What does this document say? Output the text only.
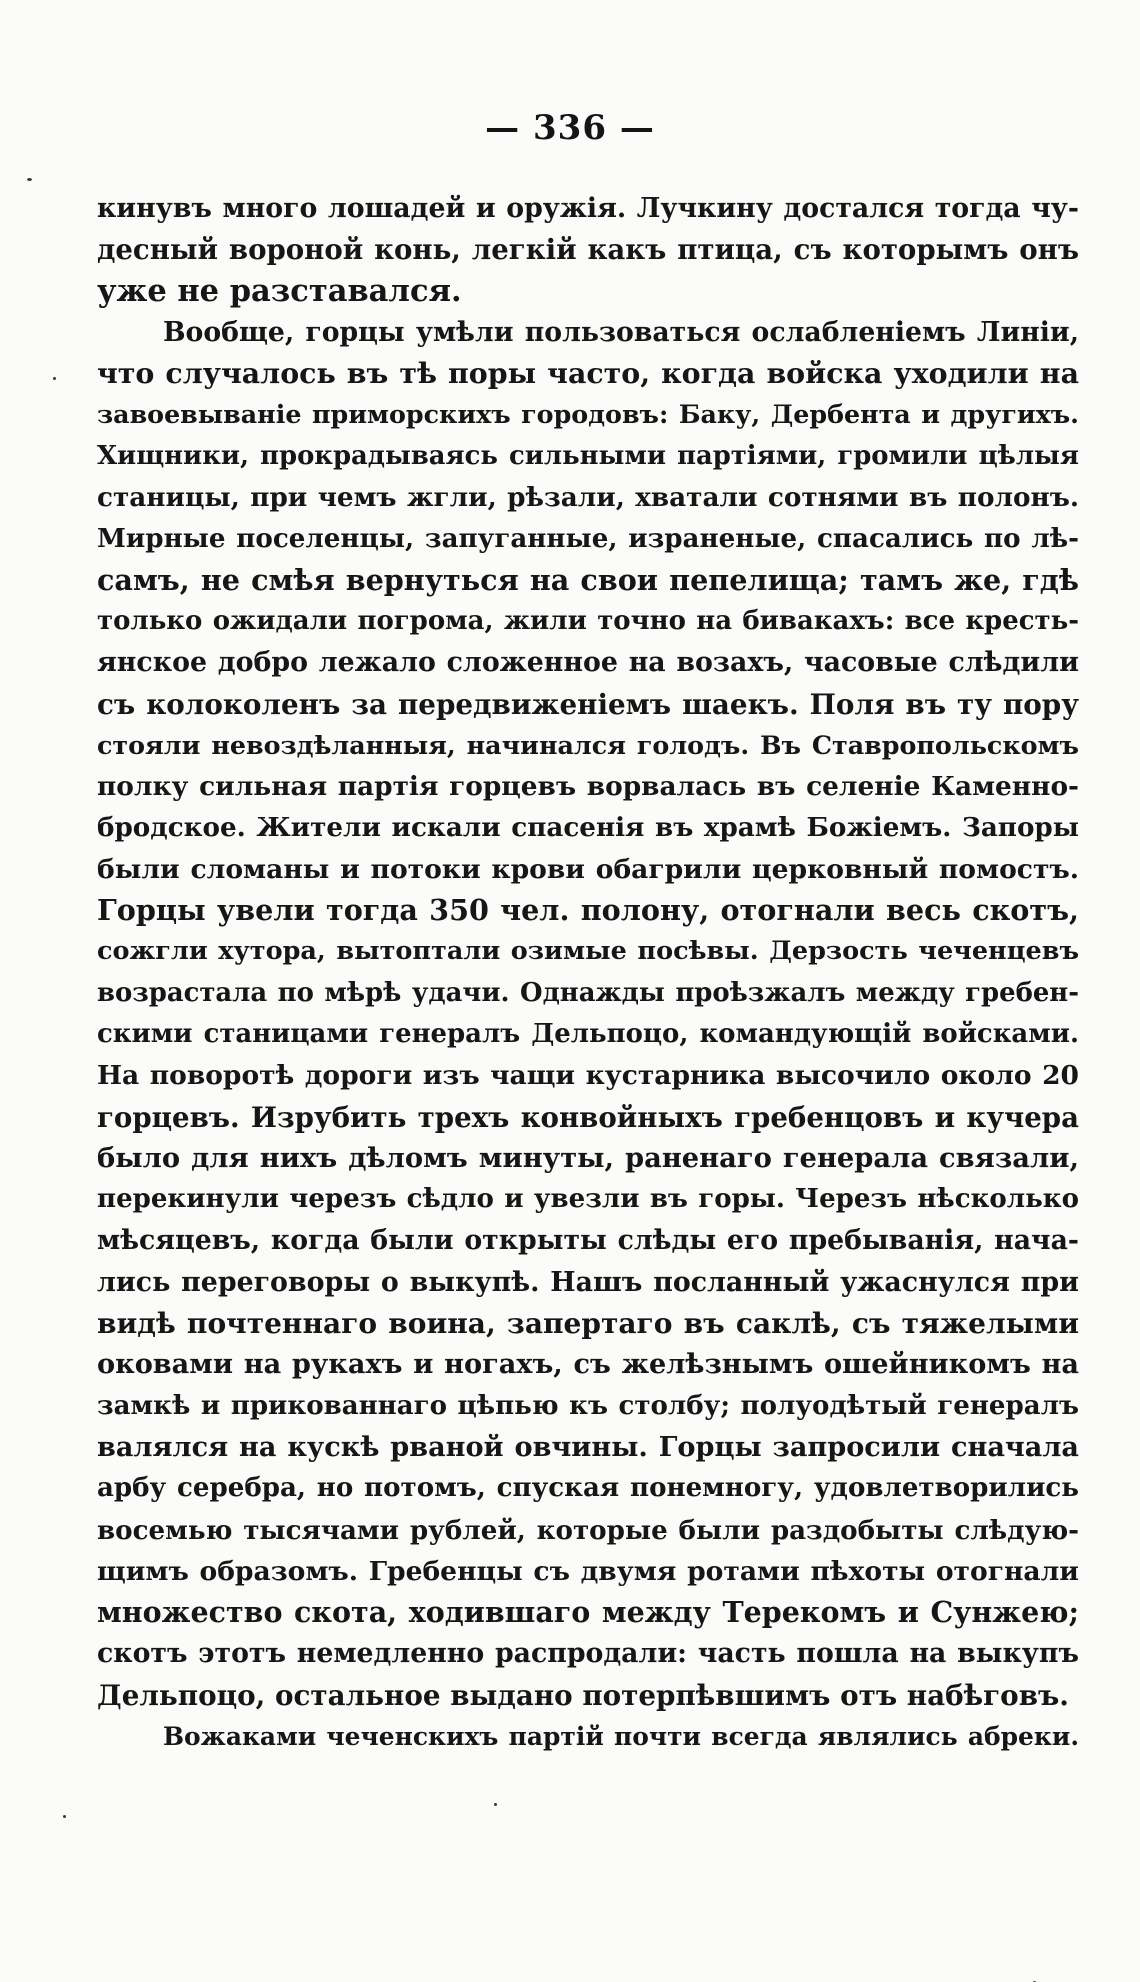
— 336 —
кинувъ много лошадей и оружія. Лучкину достался тогда чу-
десный вороной конь, легкій какъ птица, съ которымъ онъ
уже не разставался.
Вообще, горцы умѣли пользоваться ослабленіемъ Линіи,
что случалось въ тѣ поры часто, когда войска уходили на
завоевываніе приморскихъ городовъ: Баку, Дербента и другихъ.
Хищники, прокрадываясь сильными партіями, громили цѣлыя
станицы, при чемъ жгли, рѣзали, хватали сотнями въ полонъ.
Мирные поселенцы, запуганные, израненые, спасались по лѣ-
самъ, не смѣя вернуться на свои пепелища; тамъ же, гдѣ
только ожидали погрома, жили точно на бивакахъ: все кресть-
янское добро лежало сложенное на возахъ, часовые слѣдили
съ колоколенъ за передвиженіемъ шаекъ. Поля въ ту пору
стояли невоздѣланныя, начинался голодъ. Въ Ставропольскомъ
полку сильная партія горцевъ ворвалась въ селеніе Каменно-
бродское. Жители искали спасенія въ храмѣ Божіемъ. Запоры
были сломаны и потоки крови обагрили церковный помостъ.
Горцы увели тогда 350 чел. полону, отогнали весь скотъ,
сожгли хутора, вытоптали озимые посѣвы. Дерзость чеченцевъ
возрастала по мѣрѣ удачи. Однажды проѣзжалъ между гребен-
скими станицами генералъ Дельпоцо, командующій войсками.
На поворотѣ дороги изъ чащи кустарника высочило около 20
горцевъ. Изрубить трехъ конвойныхъ гребенцовъ и кучера
было для нихъ дѣломъ минуты, раненаго генерала связали,
перекинули черезъ сѣдло и увезли въ горы. Черезъ нѣсколько
мѣсяцевъ, когда были открыты слѣды его пребыванія, нача-
лись переговоры о выкупѣ. Нашъ посланный ужаснулся при
видѣ почтеннаго воина, запертаго въ саклѣ, съ тяжелыми
оковами на рукахъ и ногахъ, съ желѣзнымъ ошейникомъ на
замкѣ и прикованнаго цѣпью къ столбу; полуодѣтый генералъ
валялся на кускѣ рваной овчины. Горцы запросили сначала
арбу серебра, но потомъ, спуская понемногу, удовлетворились
восемью тысячами рублей, которые были раздобыты слѣдую-
щимъ образомъ. Гребенцы съ двумя ротами пѣхоты отогнали
множество скота, ходившаго между Терекомъ и Сунжею;
скотъ этотъ немедленно распродали: часть пошла на выкупъ
Дельпоцо, остальное выдано потерпѣвшимъ отъ набѣговъ.
Вожаками чеченскихъ партій почти всегда являлись абреки.
